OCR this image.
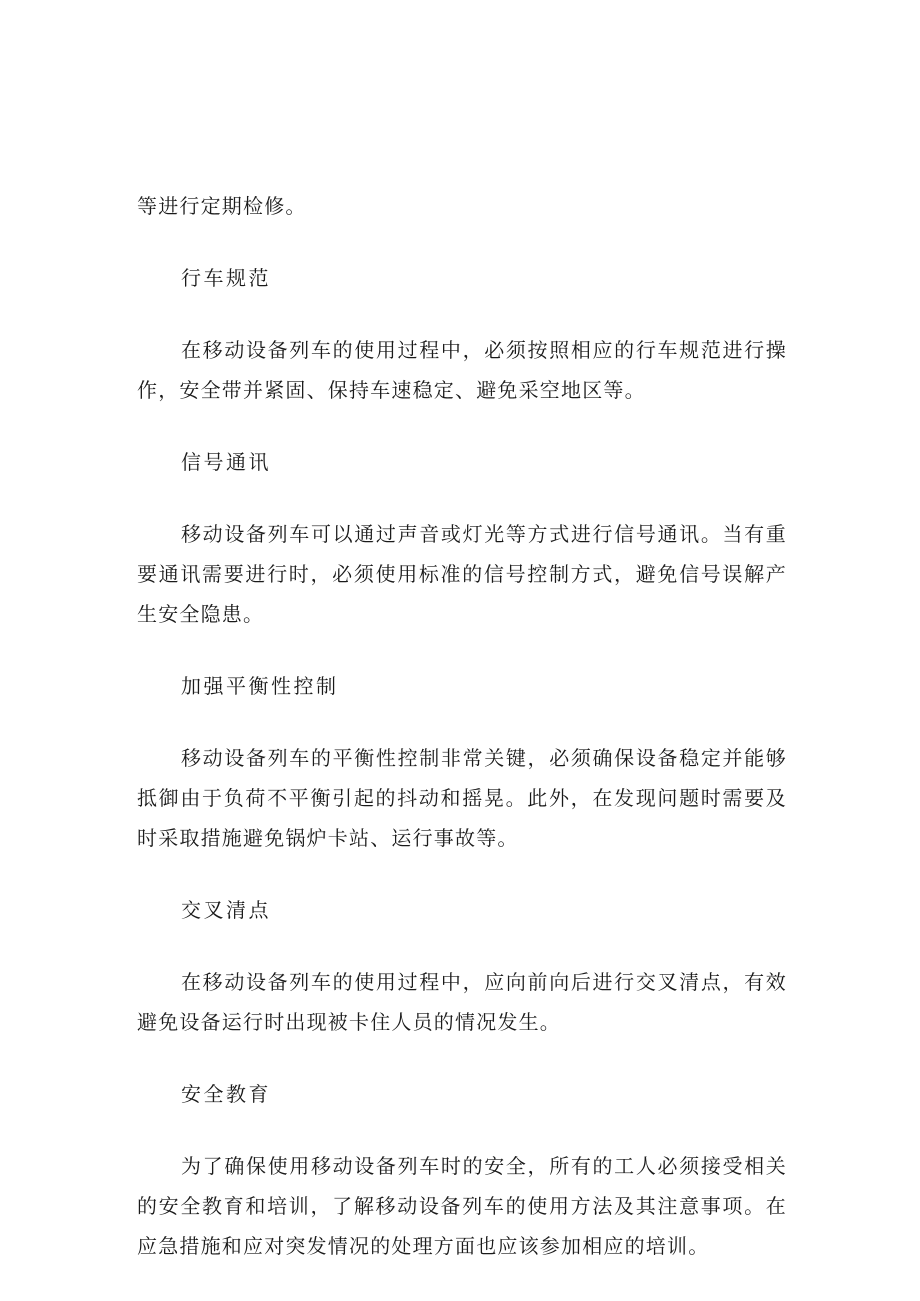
等进行定期检修。

行车规范

在移动设备列车的使用过程中，必须按照相应的行车规范进行操作，安全带并紧固、保持车速稳定、避免采空地区等。

信号通讯

移动设备列车可以通过声音或灯光等方式进行信号通讯。当有重要通讯需要进行时，必须使用标准的信号控制方式，避免信号误解产生安全隐患。

加强平衡性控制

移动设备列车的平衡性控制非常关键，必须确保设备稳定并能够抵御由于负荷不平衡引起的抖动和摇晃。此外，在发现问题时需要及时采取措施避免锅炉卡站、运行事故等。

交叉清点

在移动设备列车的使用过程中，应向前向后进行交叉清点，有效避免设备运行时出现被卡住人员的情况发生。

安全教育

为了确保使用移动设备列车时的安全，所有的工人必须接受相关的安全教育和培训，了解移动设备列车的使用方法及其注意事项。在应急措施和应对突发情况的处理方面也应该参加相应的培训。
